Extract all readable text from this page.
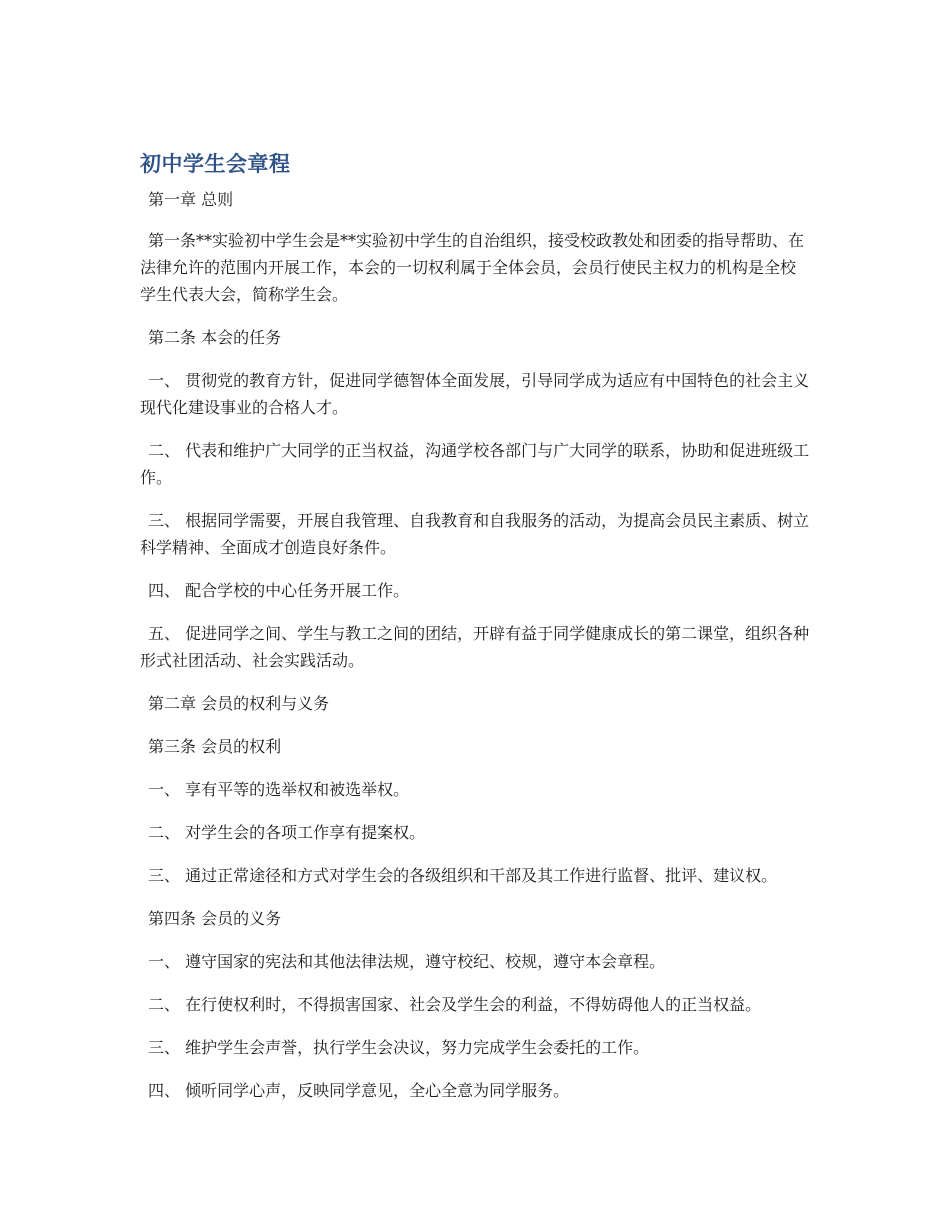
初中学生会章程

第一章 总则

第一条**实验初中学生会是**实验初中学生的自治组织，接受校政教处和团委的指导帮助、在法律允许的范围内开展工作，本会的一切权利属于全体会员，会员行使民主权力的机构是全校学生代表大会，简称学生会。

第二条 本会的任务

一、 贯彻党的教育方针，促进同学德智体全面发展，引导同学成为适应有中国特色的社会主义现代化建设事业的合格人才。

二、 代表和维护广大同学的正当权益，沟通学校各部门与广大同学的联系，协助和促进班级工作。

三、 根据同学需要，开展自我管理、自我教育和自我服务的活动，为提高会员民主素质、树立科学精神、全面成才创造良好条件。

四、 配合学校的中心任务开展工作。

五、 促进同学之间、学生与教工之间的团结，开辟有益于同学健康成长的第二课堂，组织各种形式社团活动、社会实践活动。

第二章 会员的权利与义务

第三条 会员的权利

一、 享有平等的选举权和被选举权。

二、 对学生会的各项工作享有提案权。

三、 通过正常途径和方式对学生会的各级组织和干部及其工作进行监督、批评、建议权。

第四条 会员的义务

一、 遵守国家的宪法和其他法律法规，遵守校纪、校规，遵守本会章程。

二、 在行使权利时，不得损害国家、社会及学生会的利益，不得妨碍他人的正当权益。

三、 维护学生会声誉，执行学生会决议，努力完成学生会委托的工作。

四、 倾听同学心声，反映同学意见，全心全意为同学服务。
